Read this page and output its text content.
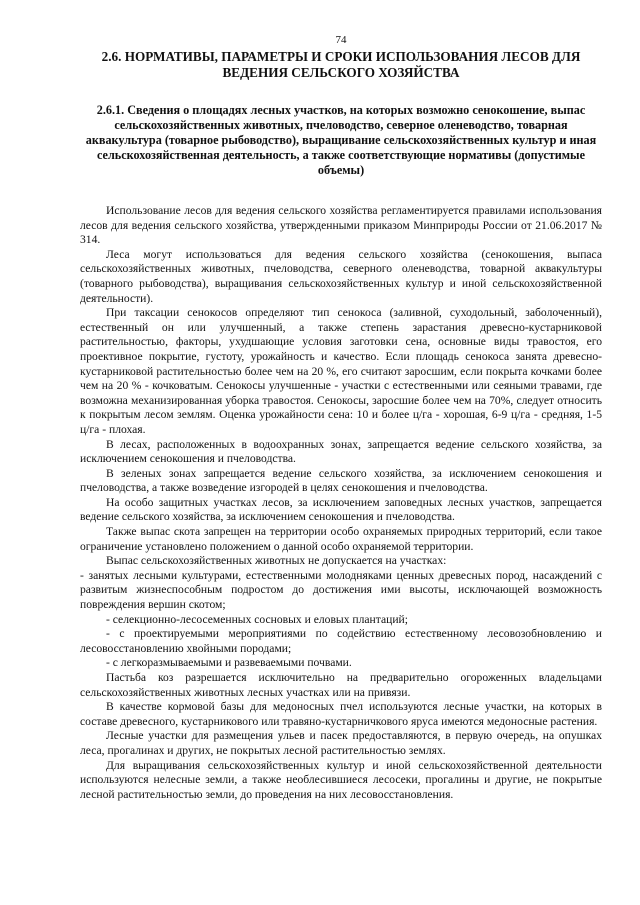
74
2.6. НОРМАТИВЫ, ПАРАМЕТРЫ И СРОКИ ИСПОЛЬЗОВАНИЯ ЛЕСОВ ДЛЯ ВЕДЕНИЯ СЕЛЬСКОГО ХОЗЯЙСТВА
2.6.1. Сведения о площадях лесных участков, на которых возможно сенокошение, выпас сельскохозяйственных животных, пчеловодство, северное оленеводство, товарная аквакультура (товарное рыбоводство), выращивание сельскохозяйственных культур и иная сельскохозяйственная деятельность, а также соответствующие нормативы (допустимые объемы)

Использование лесов для ведения сельского хозяйства регламентируется правилами использования лесов для ведения сельского хозяйства, утвержденными приказом Минприроды России от 21.06.2017 № 314.

Леса могут использоваться для ведения сельского хозяйства (сенокошения, выпаса сельскохозяйственных животных, пчеловодства, северного оленеводства, товарной аквакультуры (товарного рыбоводства), выращивания сельскохозяйственных культур и иной сельскохозяйственной деятельности).

При таксации сенокосов определяют тип сенокоса (заливной, суходольный, заболоченный), естественный он или улучшенный, а также степень зарастания древесно-кустарниковой растительностью, факторы, ухудшающие условия заготовки сена, основные виды травостоя, его проективное покрытие, густоту, урожайность и качество. Если площадь сенокоса занята древесно-кустарниковой растительностью более чем на 20 %, его считают заросшим, если покрыта кочками более чем на 20 % - кочковатым. Сенокосы улучшенные - участки с естественными или сеяными травами, где возможна механизированная уборка травостоя. Сенокосы, заросшие более чем на 70%, следует относить к покрытым лесом землям. Оценка урожайности сена: 10 и более ц/га - хорошая, 6-9 ц/га - средняя, 1-5 ц/га - плохая.

В лесах, расположенных в водоохранных зонах, запрещается ведение сельского хозяйства, за исключением сенокошения и пчеловодства.

В зеленых зонах запрещается ведение сельского хозяйства, за исключением сенокошения и пчеловодства, а также возведение изгородей в целях сенокошения и пчеловодства.

На особо защитных участках лесов, за исключением заповедных лесных участков, запрещается ведение сельского хозяйства, за исключением сенокошения и пчеловодства.

Также выпас скота запрещен на территории особо охраняемых природных территорий, если такое ограничение установлено положением о данной особо охраняемой территории.

Выпас сельскохозяйственных животных не допускается на участках:

- занятых лесными культурами, естественными молодняками ценных древесных пород, насаждений с развитым жизнеспособным подростом до достижения ими высоты, исключающей возможность повреждения вершин скотом;

- селекционно-лесосеменных сосновых и еловых плантаций;

- с проектируемыми мероприятиями по содействию естественному лесовозобновлению и лесовосстановлению хвойными породами;

- с легкоразмываемыми и развеваемыми почвами.

Пастьба коз разрешается исключительно на предварительно огороженных владельцами сельскохозяйственных животных лесных участках или на привязи.

В качестве кормовой базы для медоносных пчел используются лесные участки, на которых в составе древесного, кустарникового или травяно-кустарничкового яруса имеются медоносные растения.

Лесные участки для размещения ульев и пасек предоставляются, в первую очередь, на опушках леса, прогалинах и других, не покрытых лесной растительностью землях.

Для выращивания сельскохозяйственных культур и иной сельскохозяйственной деятельности используются нелесные земли, а также необлесившиеся лесосеки, прогалины и другие, не покрытые лесной растительностью земли, до проведения на них лесовосстановления.
